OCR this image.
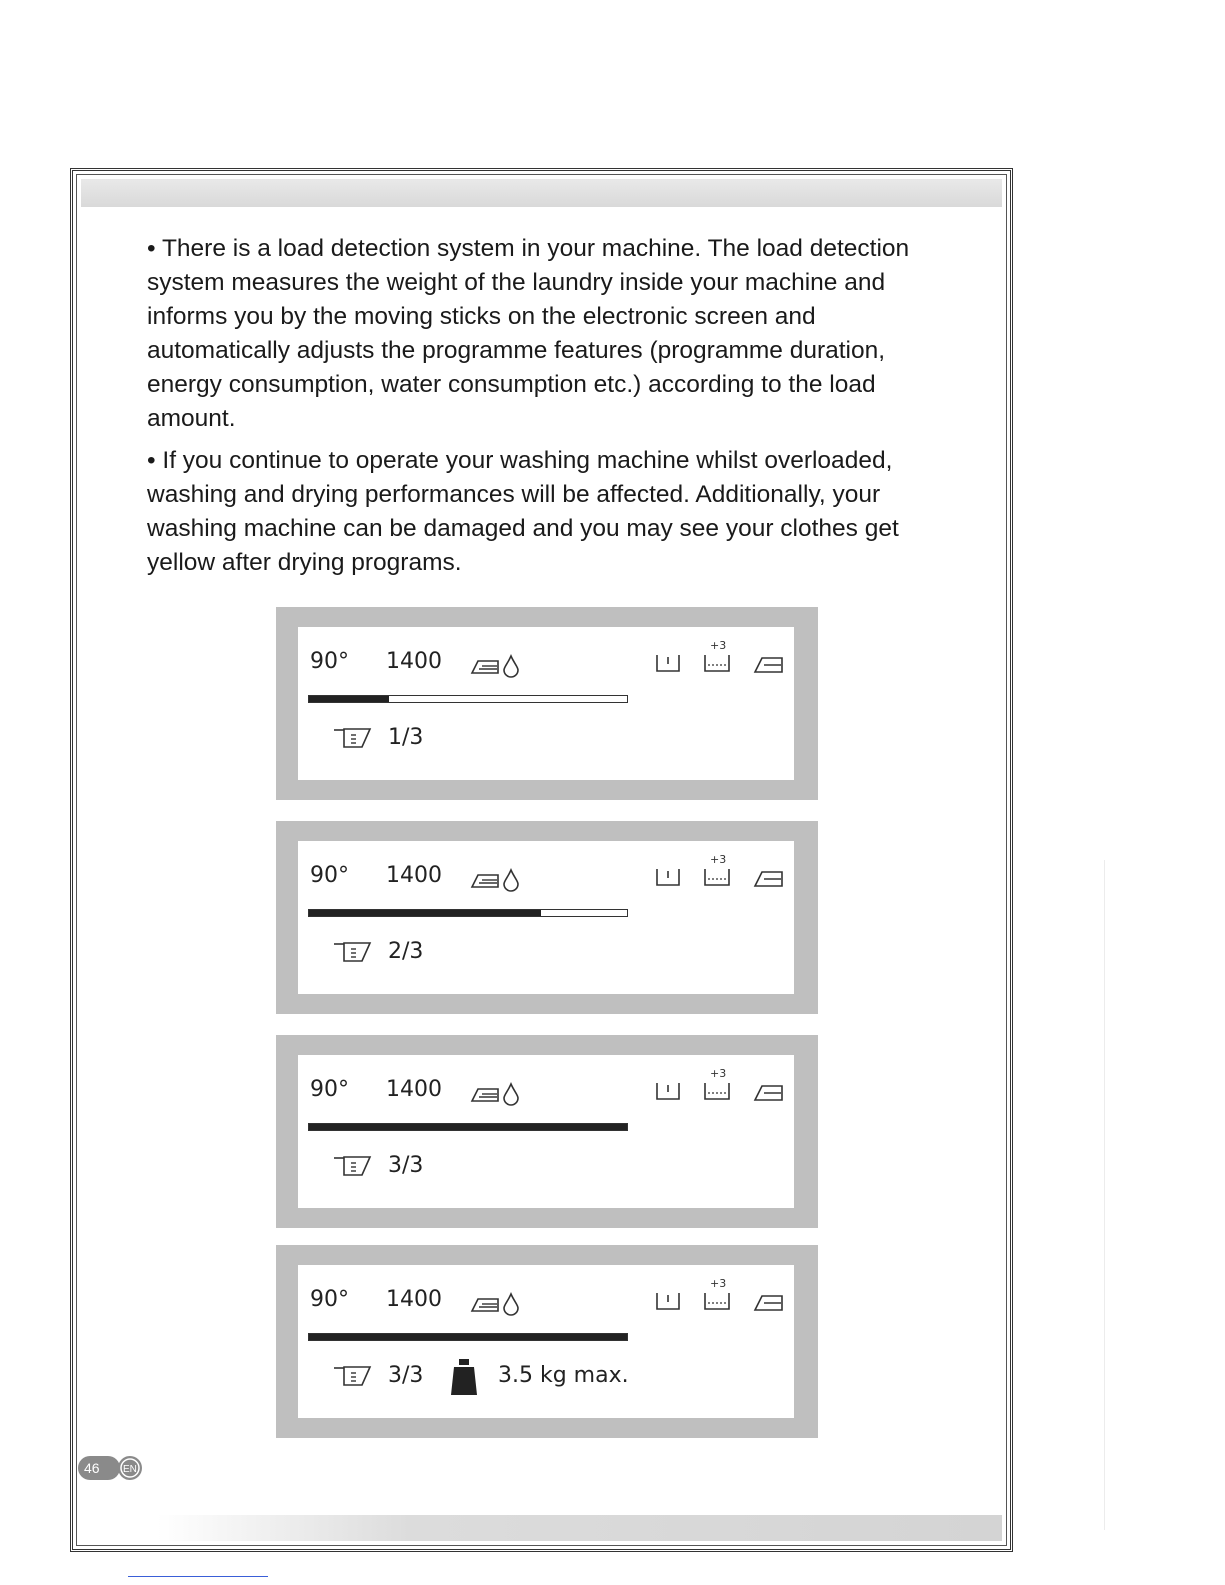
• There is a load detection system in your machine. The load detection system measures the weight of the laundry inside your machine and informs you by the moving sticks on the electronic screen and automatically adjusts the programme features (programme duration, energy consumption, water consumption etc.) according to the load amount.

• If you continue to operate your washing machine whilst overloaded, washing and drying performances will be affected. Additionally, your washing machine can be damaged and you may see your clothes get yellow after drying programs.

90° 1400
1/3
+3
90° 1400
2/3
+3
90° 1400
3/3
+3
90° 1400
3/3	3.5 kg max.
+3
46 EN
